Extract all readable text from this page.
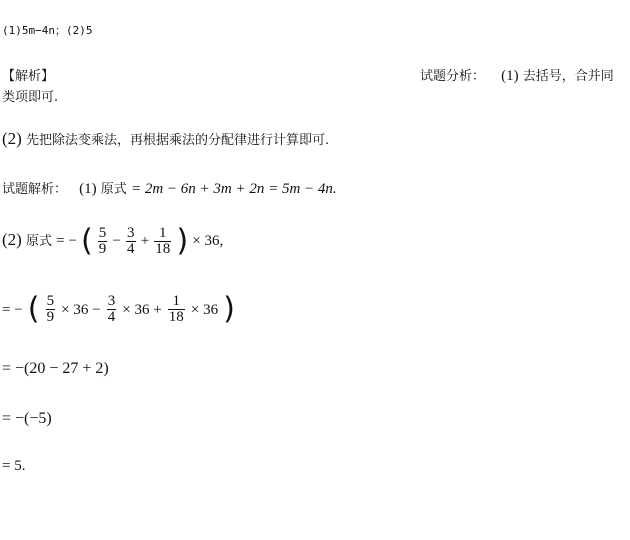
(1)5m−4n；(2)5
【解析】	试题分析： (1) 去括号，合并同
类项即可.
(2) 先把除法变乘法，再根据乘法的分配律进行计算即可.
试题解析： (1) 原式 = 2m − 6n + 3m + 2n = 5m − 4n.
(2) 原式 = − ( $\frac{5}{9} - \frac{3}{4} + \frac{1}{18}$ ) × 36,
= − ( $\frac{5}{9} \times 36 - \frac{3}{4} \times 36 + \frac{1}{18} \times 36$ )
= −(20 − 27 + 2)
= −(−5)
= 5.
